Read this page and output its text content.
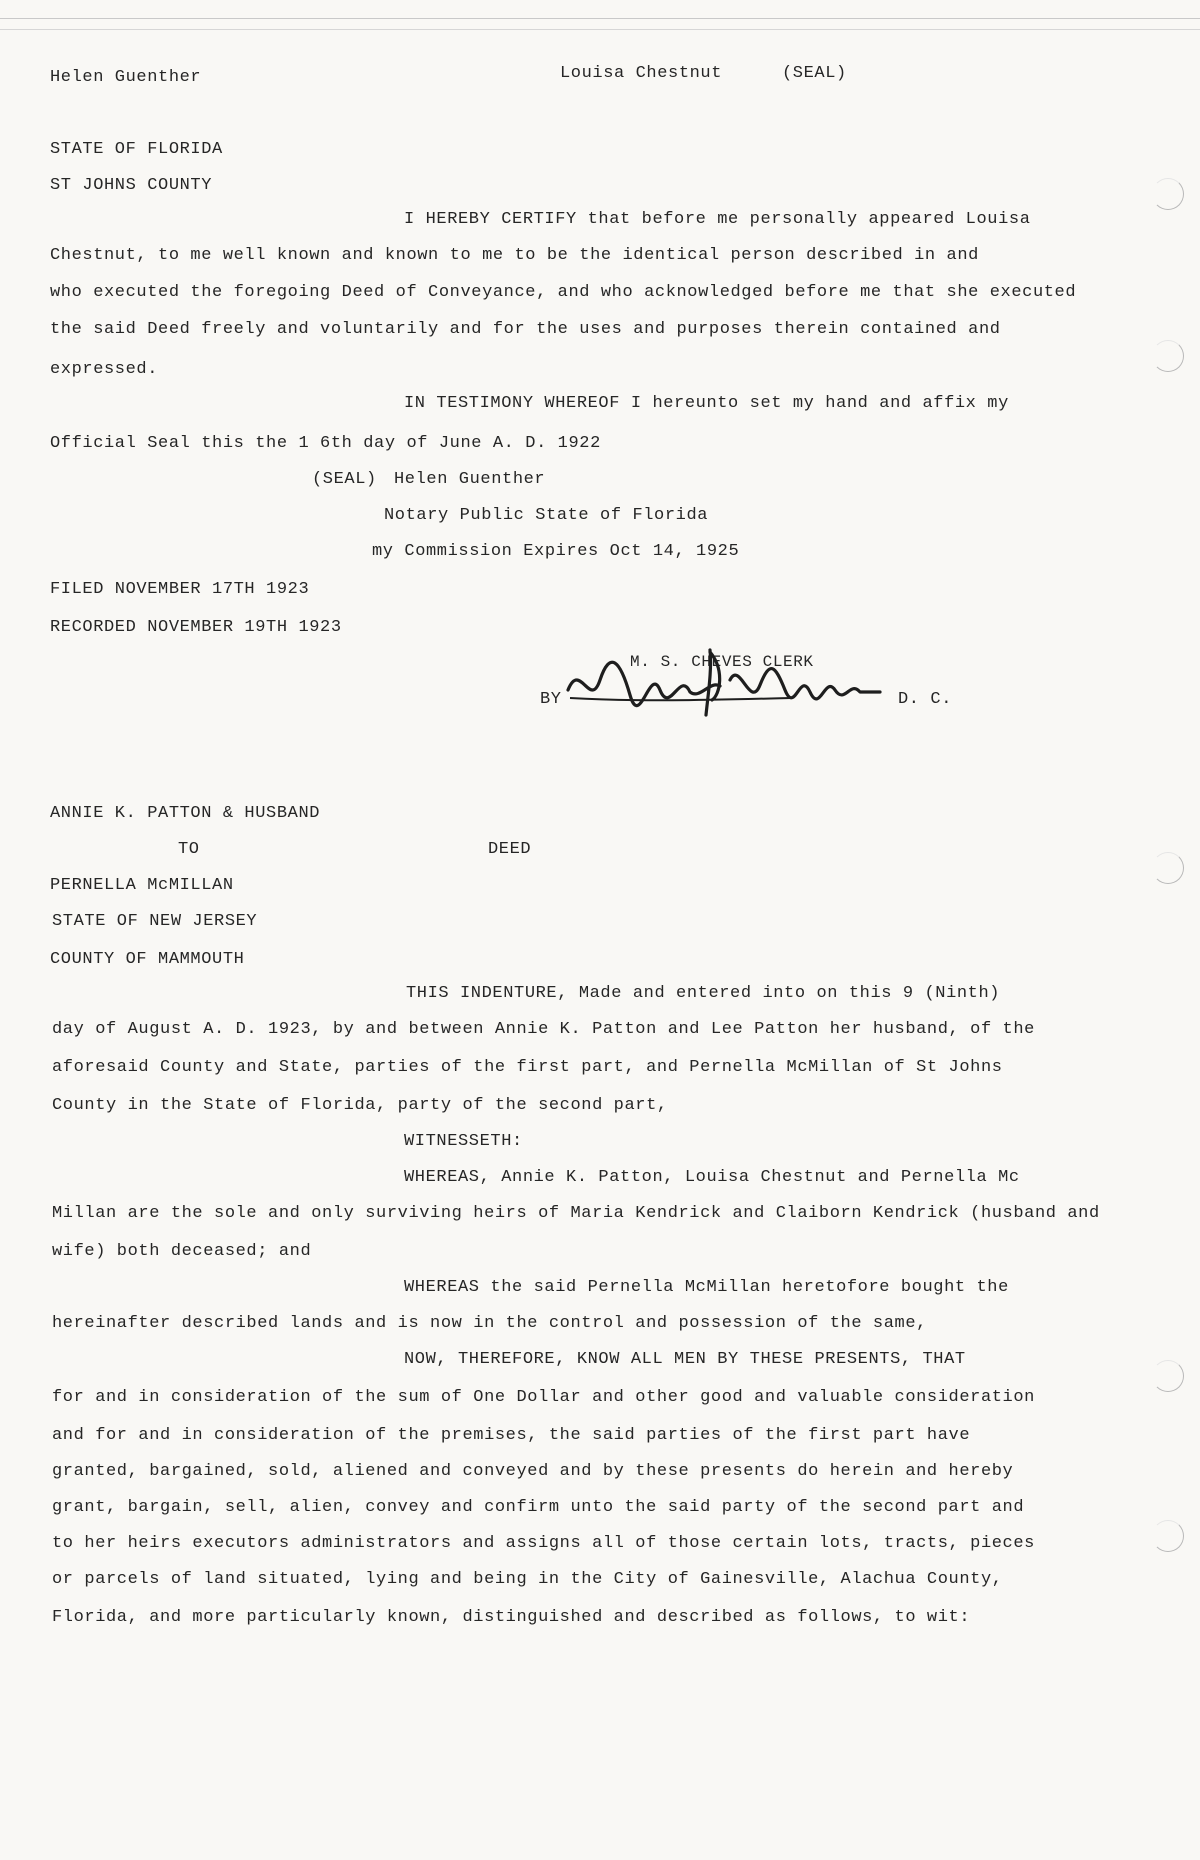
Helen Guenther	Louisa Chestnut	(SEAL)
STATE OF FLORIDA
ST JOHNS COUNTY
I HEREBY CERTIFY that before me personally appeared Louisa
Chestnut, to me well known and known to me to be the identical person described in and
who executed the foregoing Deed of Conveyance, and who acknowledged before me that she executed
the said Deed freely and voluntarily and for the uses and purposes therein contained and
expressed.
IN TESTIMONY WHEREOF I hereunto set my hand and affix my
Official Seal this the 1 6th day of June A. D. 1922
(SEAL) Helen Guenther
Notary Public State of Florida
my Commission Expires Oct 14, 1925
FILED NOVEMBER 17TH 1923
RECORDED NOVEMBER 19TH 1923
M. S. CHEVES CLERK
BY	D. C.
ANNIE K. PATTON & HUSBAND
TO	DEED
PERNELLA McMILLAN
STATE OF NEW JERSEY
COUNTY OF MAMMOUTH
THIS INDENTURE, Made and entered into on this 9 (Ninth)
day of August A. D. 1923, by and between Annie K. Patton and Lee Patton her husband, of the
aforesaid County and State, parties of the first part, and Pernella McMillan of St Johns
County in the State of Florida, party of the second part,
WITNESSETH:
WHEREAS, Annie K. Patton, Louisa Chestnut and Pernella Mc
Millan are the sole and only surviving heirs of Maria Kendrick and Claiborn Kendrick (husband and
wife) both deceased; and
WHEREAS the said Pernella McMillan heretofore bought the
hereinafter described lands and is now in the control and possession of the same,
NOW, THEREFORE, KNOW ALL MEN BY THESE PRESENTS, THAT
for and in consideration of the sum of One Dollar and other good and valuable consideration
and for and in consideration of the premises, the said parties of the first part have
granted, bargained, sold, aliened and conveyed and by these presents do herein and hereby
grant, bargain, sell, alien, convey and confirm unto the said party of the second part and
to her heirs executors administrators and assigns all of those certain lots, tracts, pieces
or parcels of land situated, lying and being in the City of Gainesville, Alachua County,
Florida, and more particularly known, distinguished and described as follows, to wit:
